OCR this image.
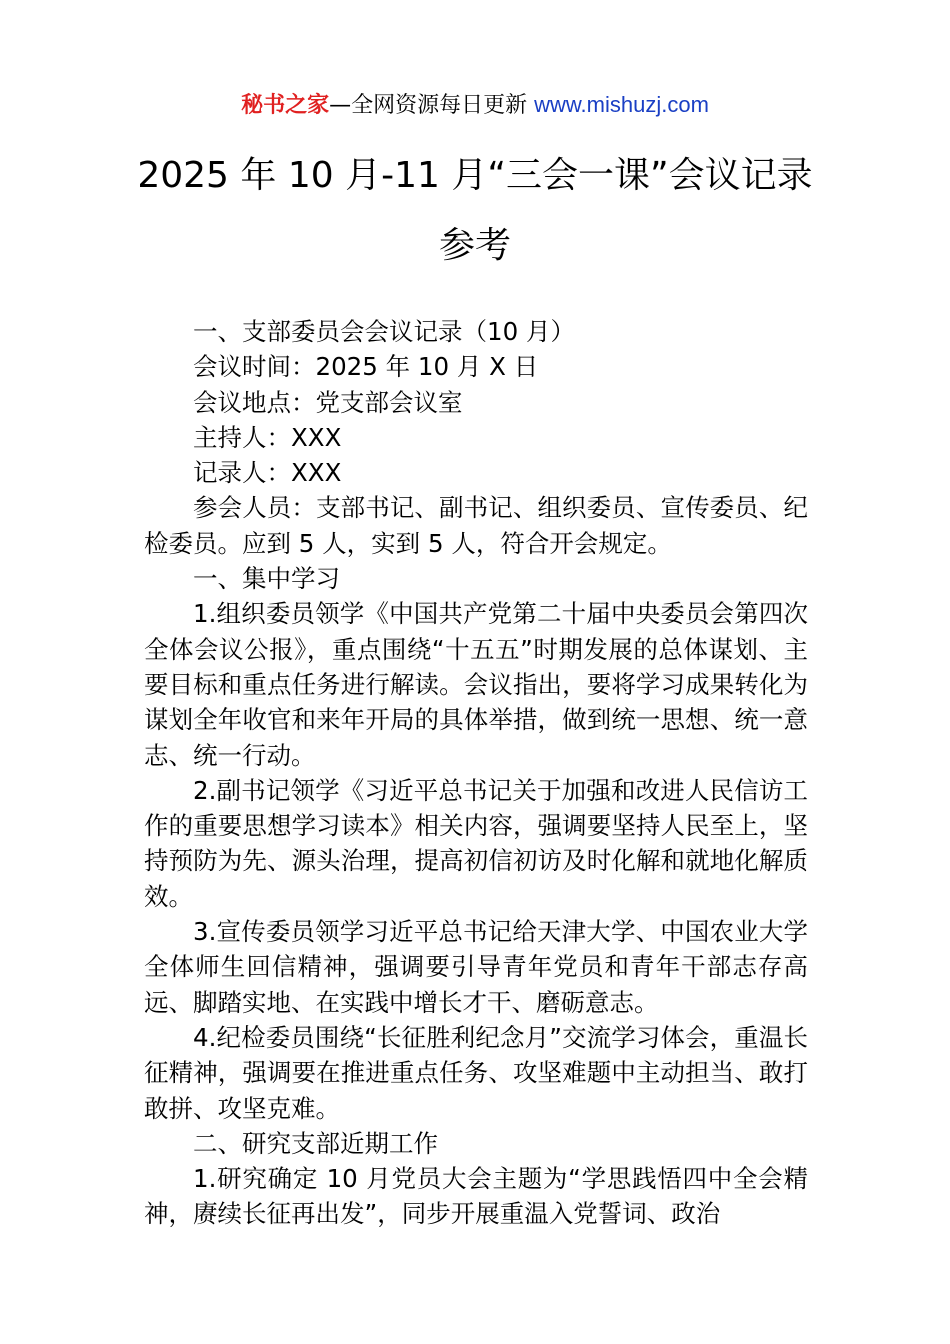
秘书之家—全网资源每日更新 www.mishuzj.com
2025 年 10 月-11 月“三会一课”会议记录
参考

一、支部委员会会议记录（10 月）

会议时间：2025 年 10 月 X 日

会议地点：党支部会议室

主持人：XXX

记录人：XXX

参会人员：支部书记、副书记、组织委员、宣传委员、纪检委员。应到 5 人，实到 5 人，符合开会规定。

一、集中学习

1.组织委员领学《中国共产党第二十届中央委员会第四次全体会议公报》，重点围绕“十五五”时期发展的总体谋划、主要目标和重点任务进行解读。会议指出，要将学习成果转化为谋划全年收官和来年开局的具体举措，做到统一思想、统一意志、统一行动。

2.副书记领学《习近平总书记关于加强和改进人民信访工作的重要思想学习读本》相关内容，强调要坚持人民至上，坚持预防为先、源头治理，提高初信初访及时化解和就地化解质效。

3.宣传委员领学习近平总书记给天津大学、中国农业大学全体师生回信精神，强调要引导青年党员和青年干部志存高远、脚踏实地、在实践中增长才干、磨砺意志。

4.纪检委员围绕“长征胜利纪念月”交流学习体会，重温长征精神，强调要在推进重点任务、攻坚难题中主动担当、敢打敢拼、攻坚克难。

二、研究支部近期工作

1.研究确定 10 月党员大会主题为“学思践悟四中全会精神，赓续长征再出发”，同步开展重温入党誓词、政治
